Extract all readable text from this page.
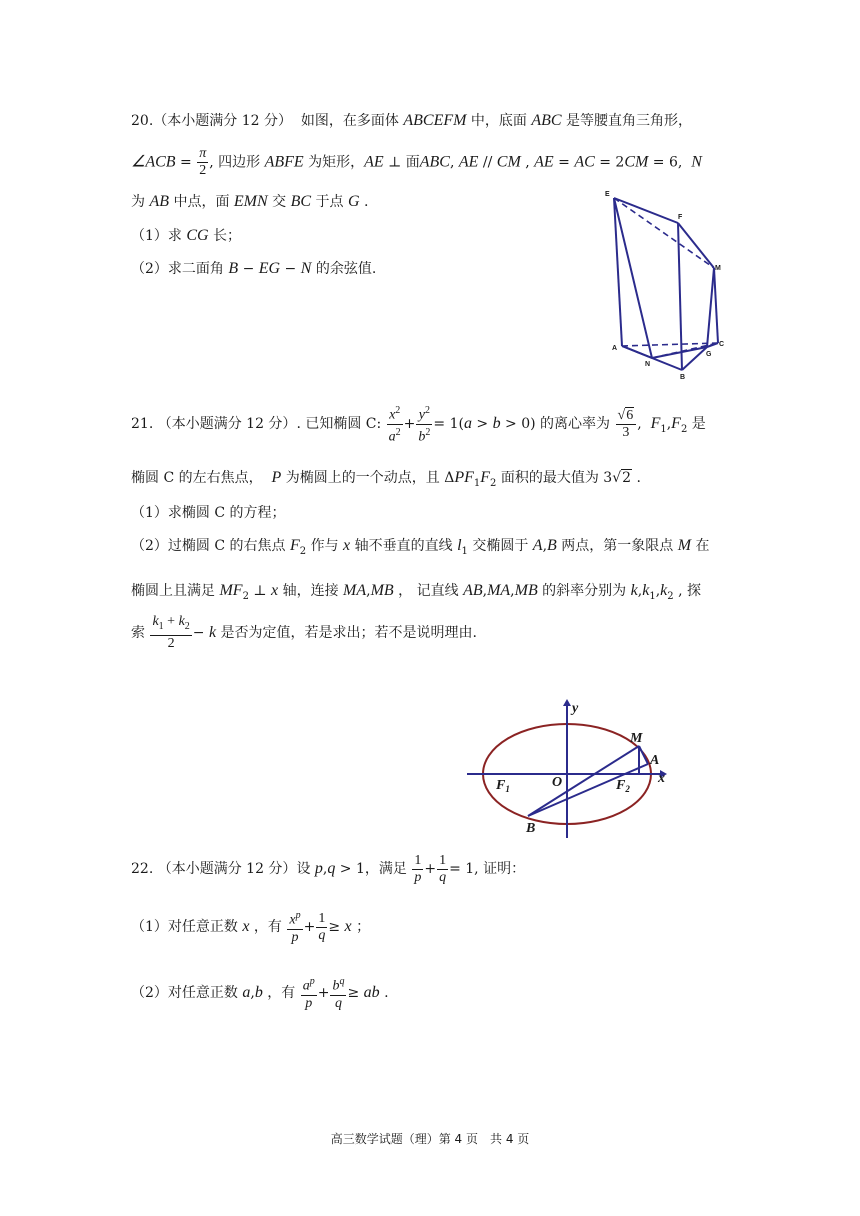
20.（本小题满分 12 分）  如图，在多面体 ABCEFM 中，底面 ABC 是等腰直角三角形，
∠ACB = $\frac{\pi}{2}$ , 四边形 ABFE 为矩形，AE ⊥ 面ABC, AE // CM , AE = AC = 2CM = 6,  N
为 AB 中点，面 EMN 交 BC 于点 G .
（1）求 CG 长；
（2）求二面角 B − EG − N 的余弦值.
E
F
M
A
N
B
G
C
21. （本小题满分 12 分）. 已知椭圆 C: $\frac{x^2}{a^2} + \frac{y^2}{b^2} = 1(a > b > 0)$ 的离心率为 $\frac{√6}{3}$ ,  $F_1,F_2$ 是
椭圆 C 的左右焦点，  P 为椭圆上的一个动点，且 $\Delta PF_1F_2$ 面积的最大值为 3√2 .
（1）求椭圆 C 的方程；
（2）过椭圆 C 的右焦点 $F_2$ 作与 x 轴不垂直的直线 $l_1$ 交椭圆于 A,B 两点，第一象限点 M 在
椭圆上且满足 $MF_2$ ⊥ x 轴，连接 MA,MB ， 记直线 AB,MA,MB 的斜率分别为 $k,k_1,k_2$ , 探
索 $\frac{k_1 + k_2}{2} - k$ 是否为定值，若是求出；若不是说明理由.
y
M
A
$F_1$	O	$F_2$
x
B
22. （本小题满分 12 分）设 p,q > 1，满足 $\frac{1}{p} + \frac{1}{q} = 1$, 证明：
（1）对任意正数 x ，有 $\frac{x^p}{p} + \frac{1}{q} \ge x$ ；
（2）对任意正数 a,b ，有 $\frac{a^p}{p} + \frac{b^q}{q}$ ≥ ab .
高三数学试题（理）第 4 页　共 4 页
